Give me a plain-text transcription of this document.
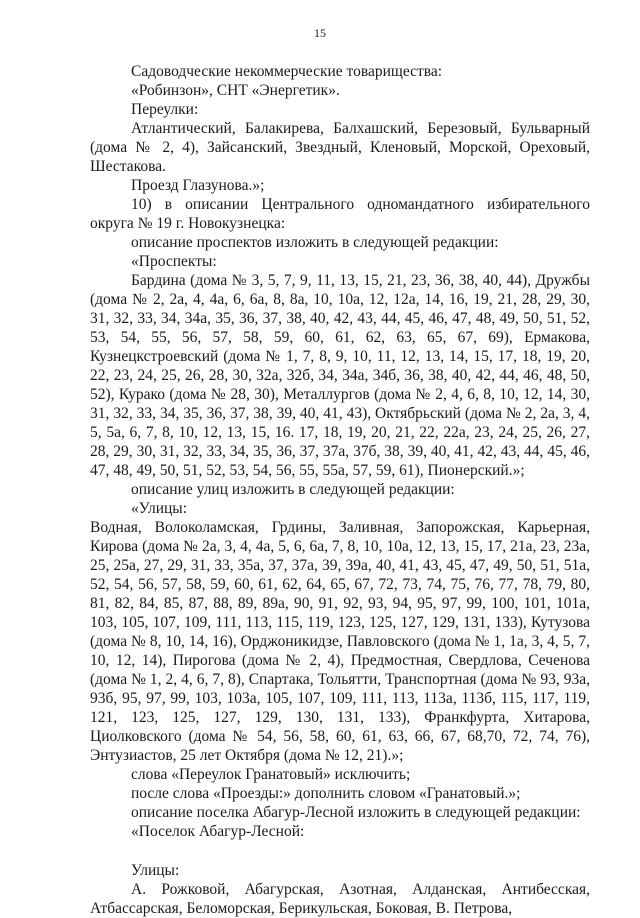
15

Садоводческие некоммерческие товарищества:

«Робинзон», СНТ «Энергетик».

Переулки:

Атлантический, Балакирева, Балхашский, Березовый, Бульварный (дома № 2, 4), Зайсанский, Звездный, Кленовый, Морской, Ореховый, Шестакова.

Проезд Глазунова.»;

10) в описании Центрального одномандатного избирательного округа № 19 г. Новокузнецка:

описание проспектов изложить в следующей редакции:

«Проспекты:

Бардина (дома № 3, 5, 7, 9, 11, 13, 15, 21, 23, 36, 38, 40, 44), Дружбы (дома № 2, 2а, 4, 4а, 6, 6а, 8, 8а, 10, 10а, 12, 12а, 14, 16, 19, 21, 28, 29, 30, 31, 32, 33, 34, 34а, 35, 36, 37, 38, 40, 42, 43, 44, 45, 46, 47, 48, 49, 50, 51, 52, 53, 54, 55, 56, 57, 58, 59, 60, 61, 62, 63, 65, 67, 69), Ермакова, Кузнецкстроевский (дома № 1, 7, 8, 9, 10, 11, 12, 13, 14, 15, 17, 18, 19, 20, 22, 23, 24, 25, 26, 28, 30, 32а, 32б, 34, 34а, 34б, 36, 38, 40, 42, 44, 46, 48, 50, 52), Курако (дома № 28, 30), Металлургов (дома № 2, 4, 6, 8, 10, 12, 14, 30, 31, 32, 33, 34, 35, 36, 37, 38, 39, 40, 41, 43), Октябрьский (дома № 2, 2а, 3, 4, 5, 5а, 6, 7, 8, 10, 12, 13, 15, 16. 17, 18, 19, 20, 21, 22, 22а, 23, 24, 25, 26, 27, 28, 29, 30, 31, 32, 33, 34, 35, 36, 37, 37а, 37б, 38, 39, 40, 41, 42, 43, 44, 45, 46, 47, 48, 49, 50, 51, 52, 53, 54, 56, 55, 55а, 57, 59, 61), Пионерский.»;

описание улиц изложить в следующей редакции:

«Улицы:

Водная, Волоколамская, Грдины, Заливная, Запорожская, Карьерная, Кирова (дома № 2а, 3, 4, 4а, 5, 6, 6а, 7, 8, 10, 10а, 12, 13, 15, 17, 21а, 23, 23а, 25, 25а, 27, 29, 31, 33, 35а, 37, 37а, 39, 39а, 40, 41, 43, 45, 47, 49, 50, 51, 51а, 52, 54, 56, 57, 58, 59, 60, 61, 62, 64, 65, 67, 72, 73, 74, 75, 76, 77, 78, 79, 80, 81, 82, 84, 85, 87, 88, 89, 89а, 90, 91, 92, 93, 94, 95, 97, 99, 100, 101, 101а, 103, 105, 107, 109, 111, 113, 115, 119, 123, 125, 127, 129, 131, 133), Кутузова (дома № 8, 10, 14, 16), Орджоникидзе, Павловского (дома № 1, 1а, 3, 4, 5, 7, 10, 12, 14), Пирогова (дома № 2, 4), Предмостная, Свердлова, Сеченова (дома № 1, 2, 4, 6, 7, 8), Спартака, Тольятти, Транспортная (дома № 93, 93а, 93б, 95, 97, 99, 103, 103а, 105, 107, 109, 111, 113, 113а, 113б, 115, 117, 119, 121, 123, 125, 127, 129, 130, 131, 133), Франкфурта, Хитарова, Циолковского (дома № 54, 56, 58, 60, 61, 63, 66, 67, 68,70, 72, 74, 76), Энтузиастов, 25 лет Октября (дома № 12, 21).»;

слова «Переулок Гранатовый» исключить;

после слова «Проезды:» дополнить словом «Гранатовый.»;

описание поселка Абагур-Лесной изложить в следующей редакции:

«Поселок Абагур-Лесной:

Улицы:

А. Рожковой, Абагурская, Азотная, Алданская, Антибесская, Атбассарская, Беломорская, Берикульская, Боковая, В. Петрова,
